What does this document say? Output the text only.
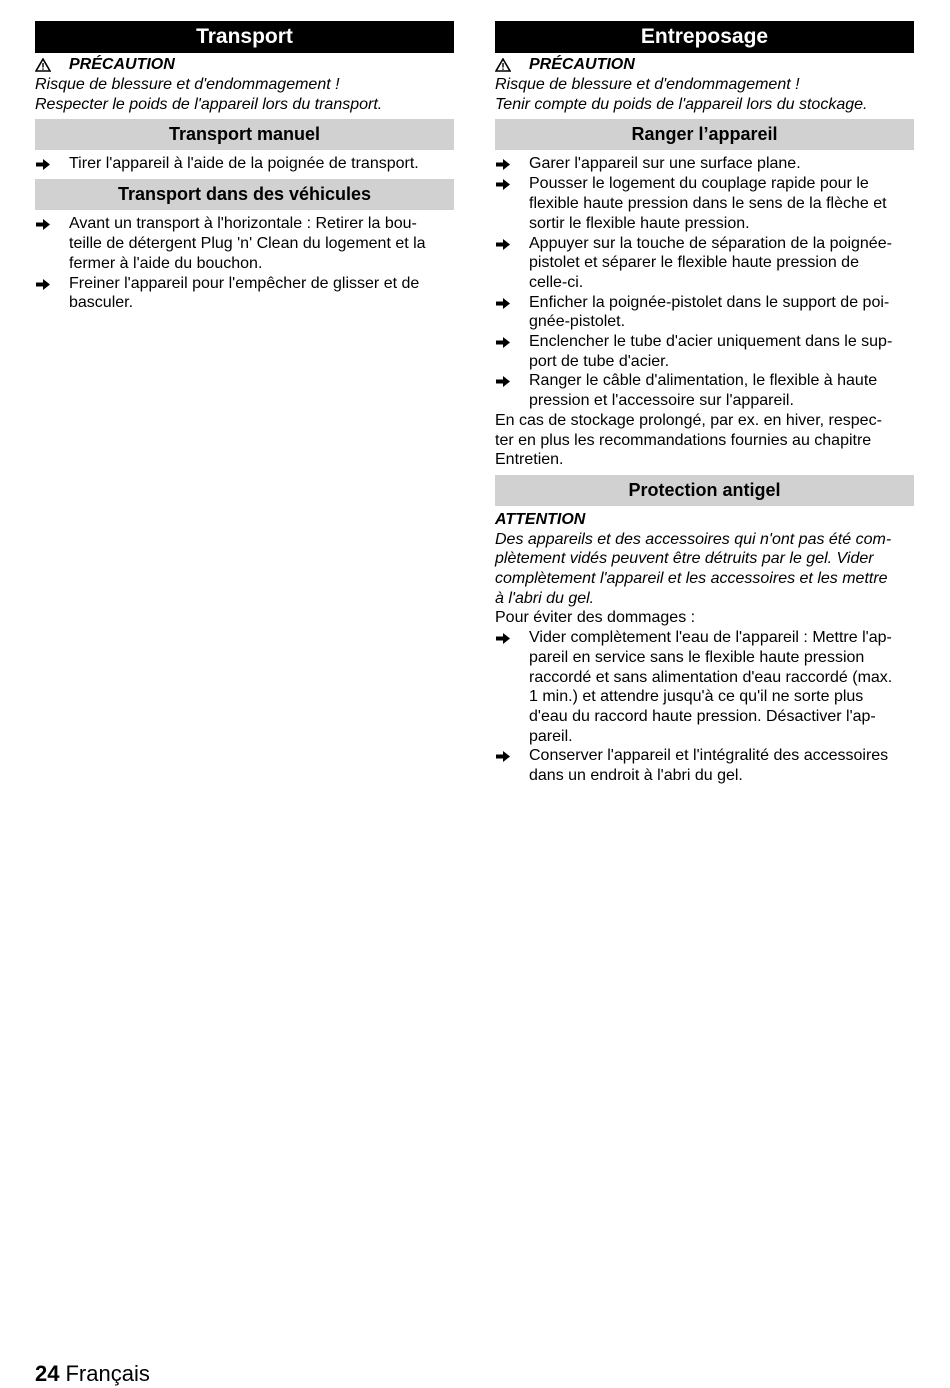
Transport
PRÉCAUTION
Risque de blessure et d'endommagement !
Respecter le poids de l'appareil lors du transport.
Transport manuel
Tirer l'appareil à l'aide de la poignée de transport.
Transport dans des véhicules
Avant un transport à l'horizontale : Retirer la bou-
teille de détergent Plug 'n' Clean du logement et la
fermer à l'aide du bouchon.
Freiner l'appareil pour l'empêcher de glisser et de
basculer.
Entreposage
PRÉCAUTION
Risque de blessure et d'endommagement !
Tenir compte du poids de l'appareil lors du stockage.
Ranger l’appareil
Garer l'appareil sur une surface plane.
Pousser le logement du couplage rapide pour le
flexible haute pression dans le sens de la flèche et
sortir le flexible haute pression.
Appuyer sur la touche de séparation de la poignée-
pistolet et séparer le flexible haute pression de
celle-ci.
Enficher la poignée-pistolet dans le support de poi-
gnée-pistolet.
Enclencher le tube d'acier uniquement dans le sup-
port de tube d'acier.
Ranger le câble d'alimentation, le flexible à haute
pression et l'accessoire sur l'appareil.
En cas de stockage prolongé, par ex. en hiver, respec-
ter en plus les recommandations fournies au chapitre
Entretien.
Protection antigel
ATTENTION
Des appareils et des accessoires qui n'ont pas été com-
plètement vidés peuvent être détruits par le gel. Vider
complètement l'appareil et les accessoires et les mettre
à l'abri du gel.
Pour éviter des dommages :
Vider complètement l'eau de l'appareil : Mettre l'ap-
pareil en service sans le flexible haute pression
raccordé et sans alimentation d'eau raccordé (max.
1 min.) et attendre jusqu'à ce qu'il ne sorte plus
d'eau du raccord haute pression. Désactiver l'ap-
pareil.
Conserver l'appareil et l'intégralité des accessoires
dans un endroit à l'abri du gel.
24 Français
